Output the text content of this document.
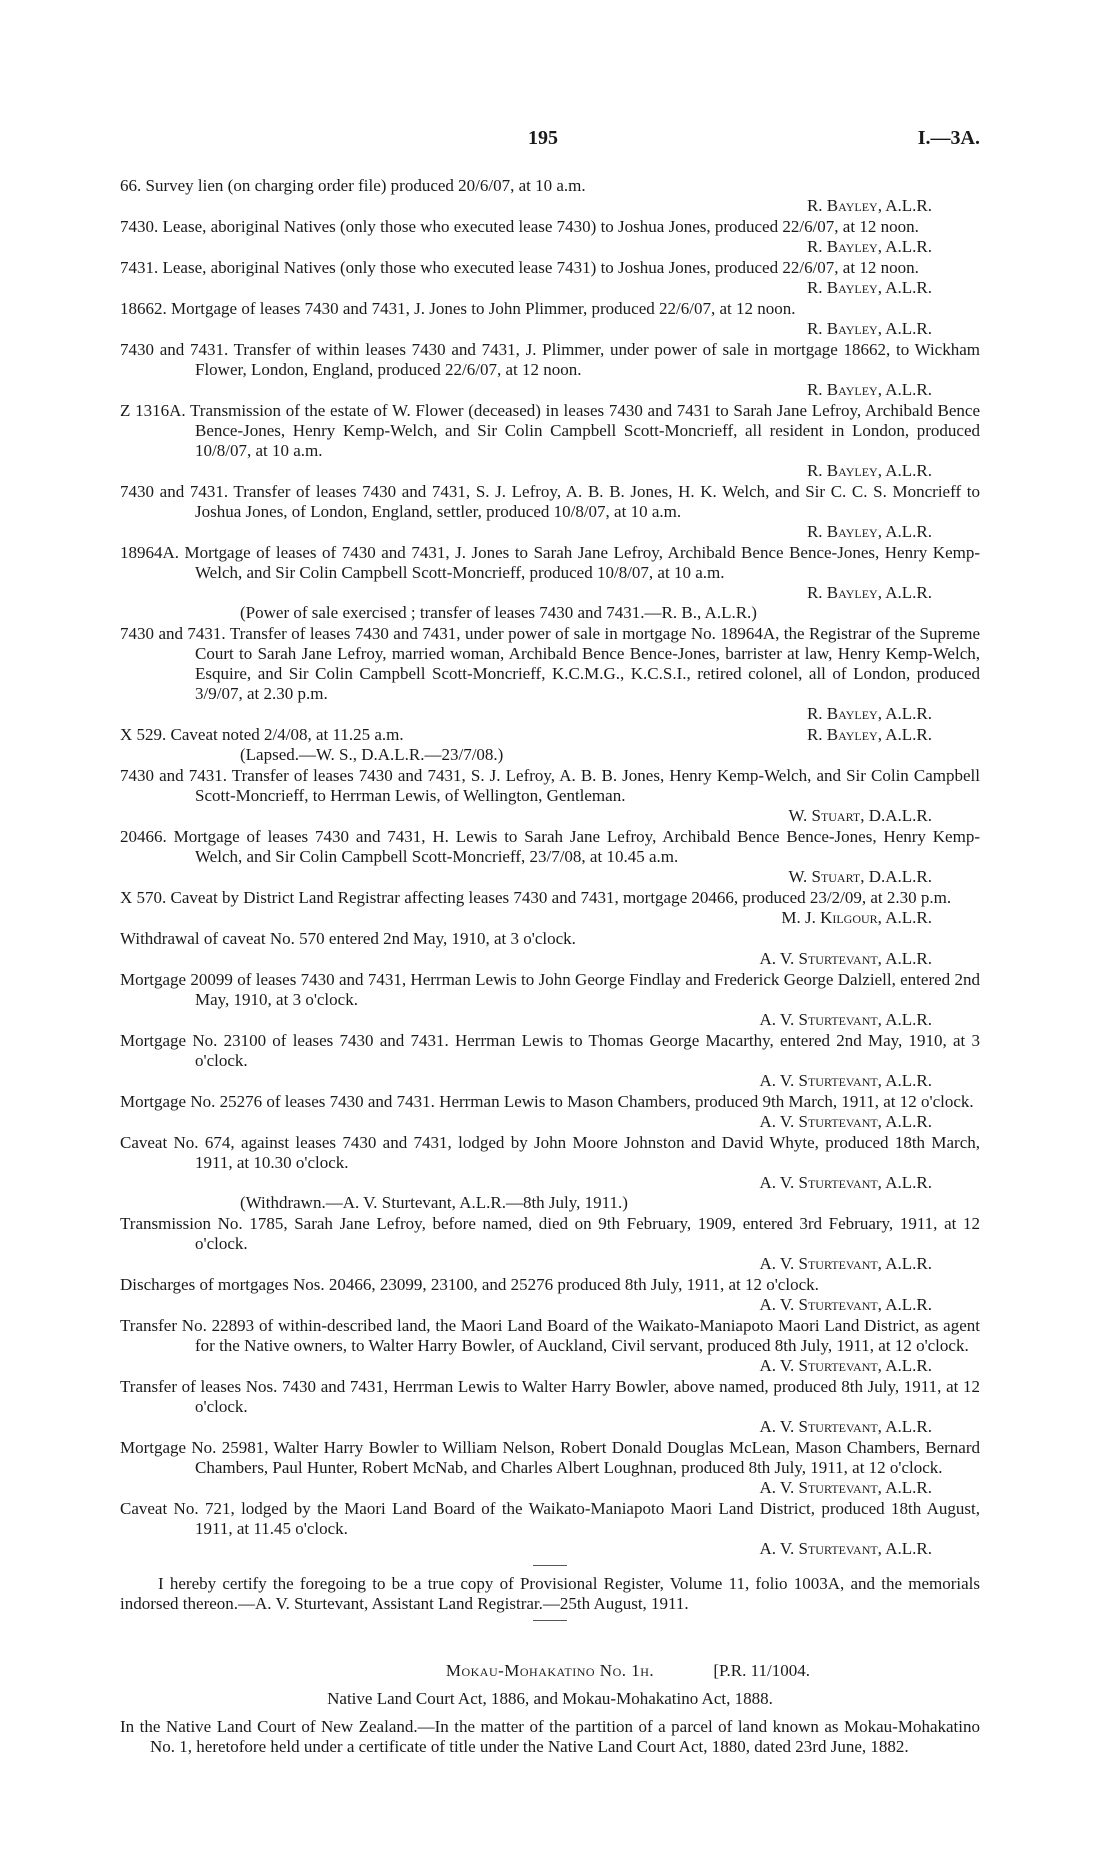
195	I.—3A.
66. Survey lien (on charging order file) produced 20/6/07, at 10 a.m.
R. Bayley, A.L.R.
7430. Lease, aboriginal Natives (only those who executed lease 7430) to Joshua Jones, produced 22/6/07, at 12 noon.
R. Bayley, A.L.R.
7431. Lease, aboriginal Natives (only those who executed lease 7431) to Joshua Jones, produced 22/6/07, at 12 noon.
R. Bayley, A.L.R.
18662. Mortgage of leases 7430 and 7431, J. Jones to John Plimmer, produced 22/6/07, at 12 noon.
R. Bayley, A.L.R.
7430 and 7431. Transfer of within leases 7430 and 7431, J. Plimmer, under power of sale in mortgage 18662, to Wickham Flower, London, England, produced 22/6/07, at 12 noon.
R. Bayley, A.L.R.
Z 1316A. Transmission of the estate of W. Flower (deceased) in leases 7430 and 7431 to Sarah Jane Lefroy, Archibald Bence Bence-Jones, Henry Kemp-Welch, and Sir Colin Campbell Scott-Moncrieff, all resident in London, produced 10/8/07, at 10 a.m.
R. Bayley, A.L.R.
7430 and 7431. Transfer of leases 7430 and 7431, S. J. Lefroy, A. B. B. Jones, H. K. Welch, and Sir C. C. S. Moncrieff to Joshua Jones, of London, England, settler, produced 10/8/07, at 10 a.m.
R. Bayley, A.L.R.
18964A. Mortgage of leases of 7430 and 7431, J. Jones to Sarah Jane Lefroy, Archibald Bence Bence-Jones, Henry Kemp-Welch, and Sir Colin Campbell Scott-Moncrieff, produced 10/8/07, at 10 a.m.
R. Bayley, A.L.R.
(Power of sale exercised ; transfer of leases 7430 and 7431.—R. B., A.L.R.)
7430 and 7431. Transfer of leases 7430 and 7431, under power of sale in mortgage No. 18964A, the Registrar of the Supreme Court to Sarah Jane Lefroy, married woman, Archibald Bence Bence-Jones, barrister at law, Henry Kemp-Welch, Esquire, and Sir Colin Campbell Scott-Moncrieff, K.C.M.G., K.C.S.I., retired colonel, all of London, produced 3/9/07, at 2.30 p.m.
R. Bayley, A.L.R.
R. Bayley, A.L.R.
X 529. Caveat noted 2/4/08, at 11.25 a.m.
(Lapsed.—W. S., D.A.L.R.—23/7/08.)
7430 and 7431. Transfer of leases 7430 and 7431, S. J. Lefroy, A. B. B. Jones, Henry Kemp-Welch, and Sir Colin Campbell Scott-Moncrieff, to Herrman Lewis, of Wellington, Gentleman.
W. Stuart, D.A.L.R.
20466. Mortgage of leases 7430 and 7431, H. Lewis to Sarah Jane Lefroy, Archibald Bence Bence-Jones, Henry Kemp-Welch, and Sir Colin Campbell Scott-Moncrieff, 23/7/08, at 10.45 a.m.
W. Stuart, D.A.L.R.
X 570. Caveat by District Land Registrar affecting leases 7430 and 7431, mortgage 20466, produced 23/2/09, at 2.30 p.m.
M. J. Kilgour, A.L.R.
Withdrawal of caveat No. 570 entered 2nd May, 1910, at 3 o'clock.
A. V. Sturtevant, A.L.R.
Mortgage 20099 of leases 7430 and 7431, Herrman Lewis to John George Findlay and Frederick George Dalziell, entered 2nd May, 1910, at 3 o'clock.
A. V. Sturtevant, A.L.R.
Mortgage No. 23100 of leases 7430 and 7431. Herrman Lewis to Thomas George Macarthy, entered 2nd May, 1910, at 3 o'clock.
A. V. Sturtevant, A.L.R.
Mortgage No. 25276 of leases 7430 and 7431. Herrman Lewis to Mason Chambers, produced 9th March, 1911, at 12 o'clock.
A. V. Sturtevant, A.L.R.
Caveat No. 674, against leases 7430 and 7431, lodged by John Moore Johnston and David Whyte, produced 18th March, 1911, at 10.30 o'clock.
A. V. Sturtevant, A.L.R.
(Withdrawn.—A. V. Sturtevant, A.L.R.—8th July, 1911.)
Transmission No. 1785, Sarah Jane Lefroy, before named, died on 9th February, 1909, entered 3rd February, 1911, at 12 o'clock.
A. V. Sturtevant, A.L.R.
Discharges of mortgages Nos. 20466, 23099, 23100, and 25276 produced 8th July, 1911, at 12 o'clock.
A. V. Sturtevant, A.L.R.
Transfer No. 22893 of within-described land, the Maori Land Board of the Waikato-Maniapoto Maori Land District, as agent for the Native owners, to Walter Harry Bowler, of Auckland, Civil servant, produced 8th July, 1911, at 12 o'clock.
A. V. Sturtevant, A.L.R.
Transfer of leases Nos. 7430 and 7431, Herrman Lewis to Walter Harry Bowler, above named, produced 8th July, 1911, at 12 o'clock.
A. V. Sturtevant, A.L.R.
Mortgage No. 25981, Walter Harry Bowler to William Nelson, Robert Donald Douglas McLean, Mason Chambers, Bernard Chambers, Paul Hunter, Robert McNab, and Charles Albert Loughnan, produced 8th July, 1911, at 12 o'clock.
A. V. Sturtevant, A.L.R.
Caveat No. 721, lodged by the Maori Land Board of the Waikato-Maniapoto Maori Land District, produced 18th August, 1911, at 11.45 o'clock.
A. V. Sturtevant, A.L.R.
I hereby certify the foregoing to be a true copy of Provisional Register, Volume 11, folio 1003A, and the memorials indorsed thereon.—A. V. Sturtevant, Assistant Land Registrar.—25th August, 1911.
Mokau-Mohakatino No. 1h.	[P.R. 11/1004.
Native Land Court Act, 1886, and Mokau-Mohakatino Act, 1888.
In the Native Land Court of New Zealand.—In the matter of the partition of a parcel of land known as Mokau-Mohakatino No. 1, heretofore held under a certificate of title under the Native Land Court Act, 1880, dated 23rd June, 1882.
